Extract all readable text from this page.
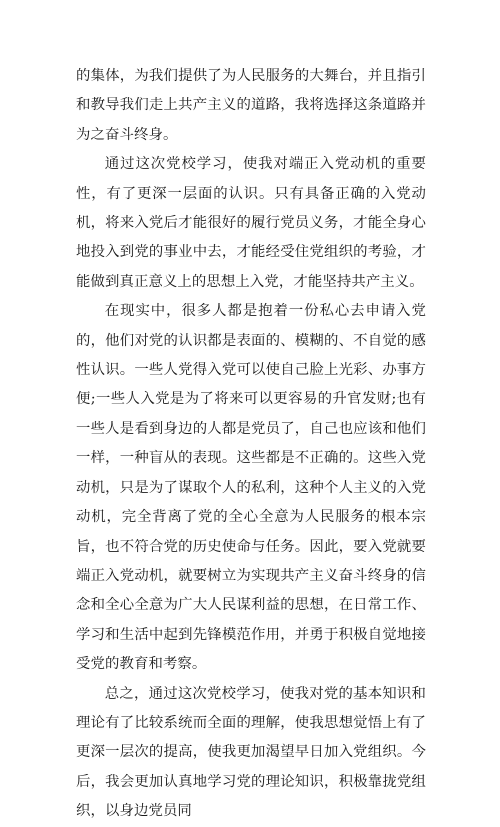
的集体，为我们提供了为人民服务的大舞台，并且指引和教导我们走上共产主义的道路，我将选择这条道路并为之奋斗终身。

通过这次党校学习，使我对端正入党动机的重要性，有了更深一层面的认识。只有具备正确的入党动机，将来入党后才能很好的履行党员义务，才能全身心地投入到党的事业中去，才能经受住党组织的考验，才能做到真正意义上的思想上入党，才能坚持共产主义。

在现实中，很多人都是抱着一份私心去申请入党的，他们对党的认识都是表面的、模糊的、不自觉的感性认识。一些人党得入党可以使自己脸上光彩、办事方便;一些人入党是为了将来可以更容易的升官发财;也有一些人是看到身边的人都是党员了，自己也应该和他们一样，一种盲从的表现。这些都是不正确的。这些入党动机，只是为了谋取个人的私利，这种个人主义的入党动机，完全背离了党的全心全意为人民服务的根本宗旨，也不符合党的历史使命与任务。因此，要入党就要端正入党动机，就要树立为实现共产主义奋斗终身的信念和全心全意为广大人民谋利益的思想，在日常工作、学习和生活中起到先锋模范作用，并勇于积极自觉地接受党的教育和考察。

总之，通过这次党校学习，使我对党的基本知识和理论有了比较系统而全面的理解，使我思想觉悟上有了更深一层次的提高，使我更加渴望早日加入党组织。今后，我会更加认真地学习党的理论知识，积极靠拢党组织，以身边党员同
